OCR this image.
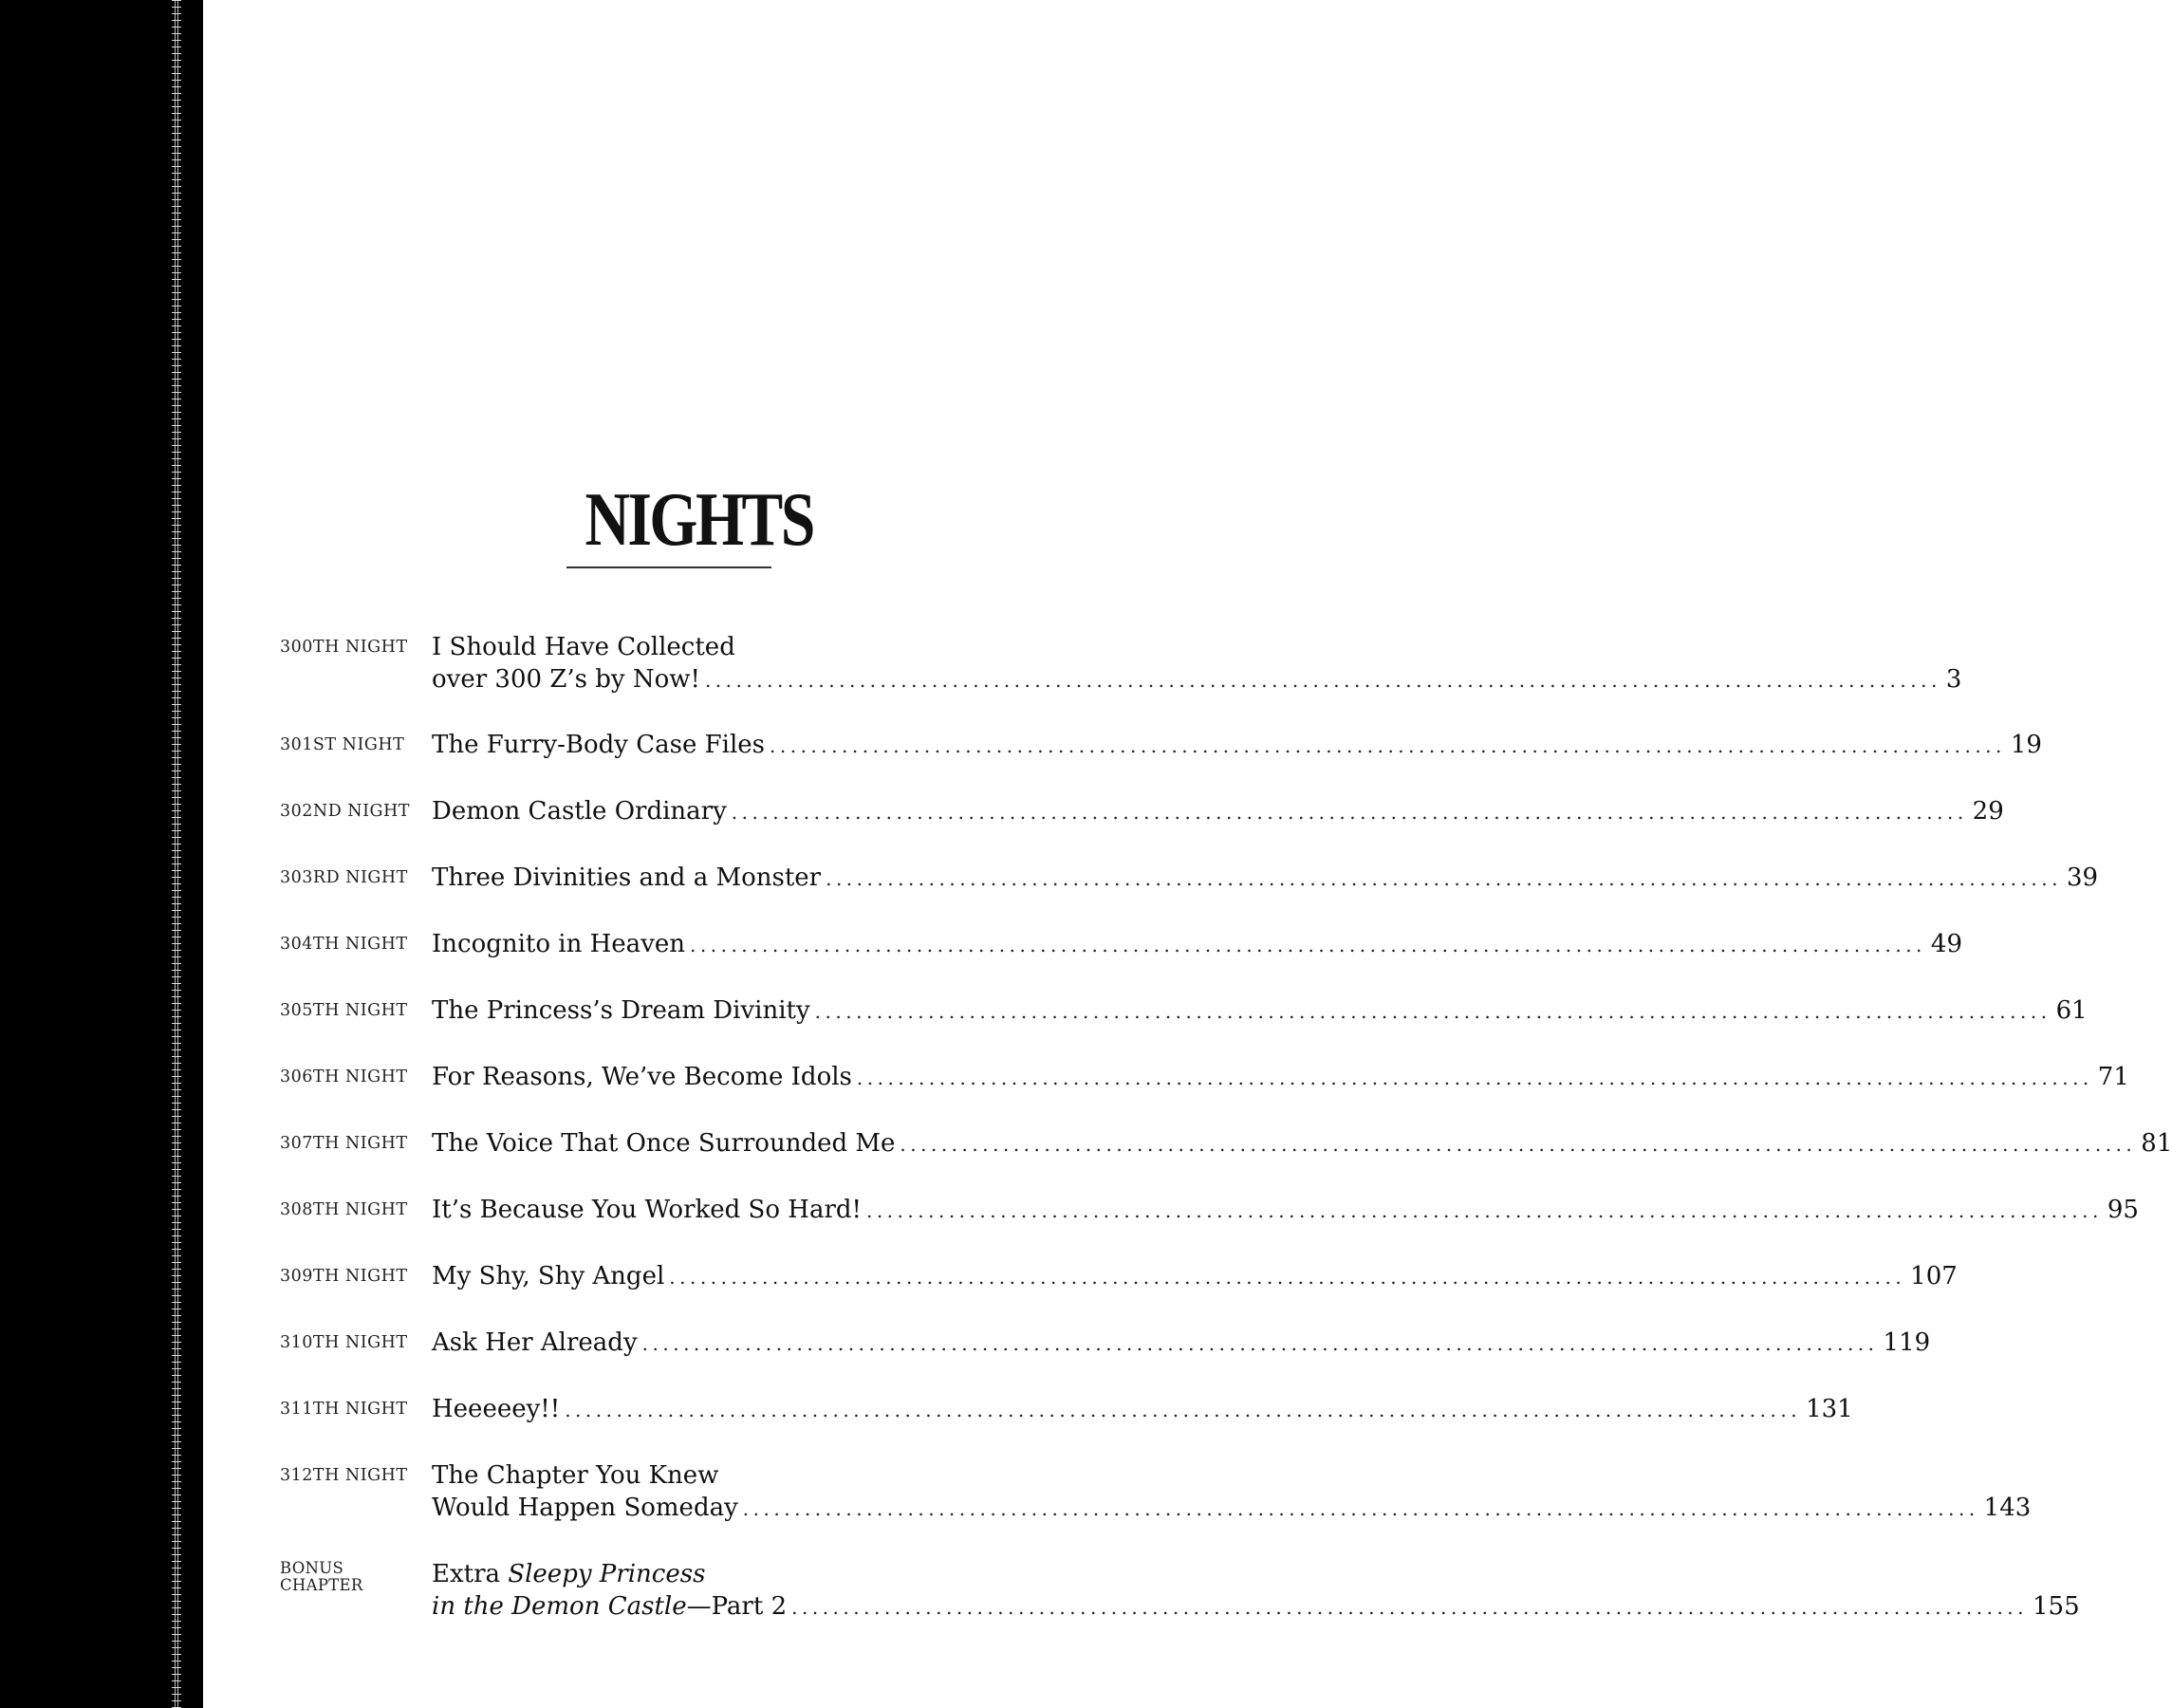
NIGHTS
300TH NIGHT I Should Have Collected
over 300 Z’s by Now! ........................................................................................................................ 3
301ST NIGHT The Furry-Body Case Files ........................................................................................................................ 19
302ND NIGHT Demon Castle Ordinary ........................................................................................................................ 29
303RD NIGHT Three Divinities and a Monster ........................................................................................................................ 39
304TH NIGHT Incognito in Heaven ........................................................................................................................ 49
305TH NIGHT The Princess’s Dream Divinity ........................................................................................................................ 61
306TH NIGHT For Reasons, We’ve Become Idols ........................................................................................................................ 71
307TH NIGHT The Voice That Once Surrounded Me ........................................................................................................................ 81
308TH NIGHT It’s Because You Worked So Hard! ........................................................................................................................ 95
309TH NIGHT My Shy, Shy Angel ........................................................................................................................ 107
310TH NIGHT Ask Her Already ........................................................................................................................ 119
311TH NIGHT Heeeeey!! ........................................................................................................................ 131
312TH NIGHT The Chapter You Knew
Would Happen Someday ........................................................................................................................ 143
BONUS
CHAPTER	Extra Sleepy Princess
in the Demon Castle—Part 2 ........................................................................................................................ 155
